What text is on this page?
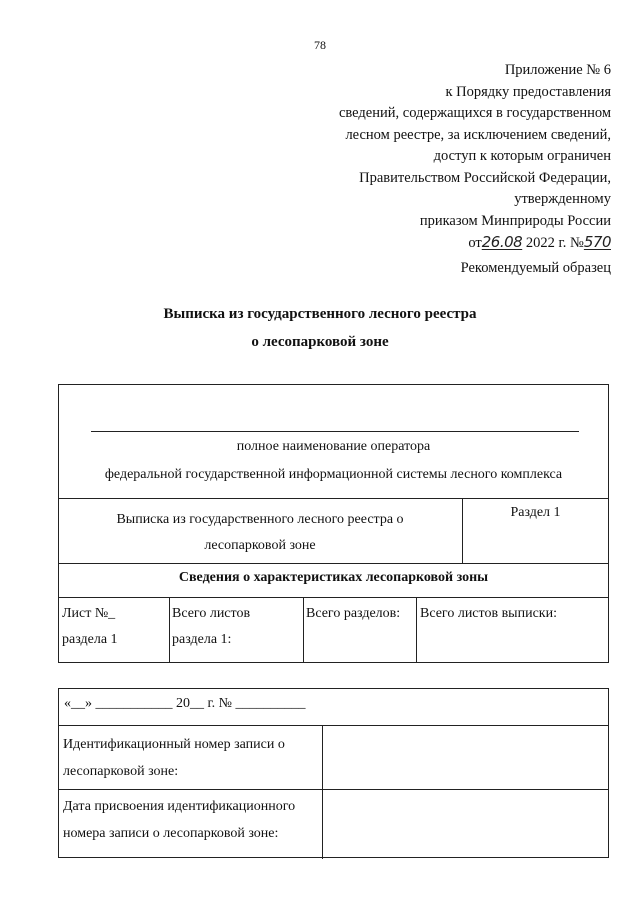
78
Приложение № 6
к Порядку предоставления
сведений, содержащихся в государственном
лесном реестре, за исключением сведений,
доступ к которым ограничен
Правительством Российской Федерации,
утвержденному
приказом Минприроды России
от26.08 2022 г. №570
Рекомендуемый образец
Выписка из государственного лесного реестра
о лесопарковой зоне
полное наименование оператора
федеральной государственной информационной системы лесного комплекса
Выписка из государственного лесного реестра о
лесопарковой зоне
Раздел 1
Сведения о характеристиках лесопарковой зоны
Лист №_
раздела 1
Всего листов
раздела 1:
Всего разделов:	Всего листов выписки:
«__» ___________ 20__ г. № __________
Идентификационный номер записи о
лесопарковой зоне:
Дата присвоения идентификационного
номера записи о лесопарковой зоне:
